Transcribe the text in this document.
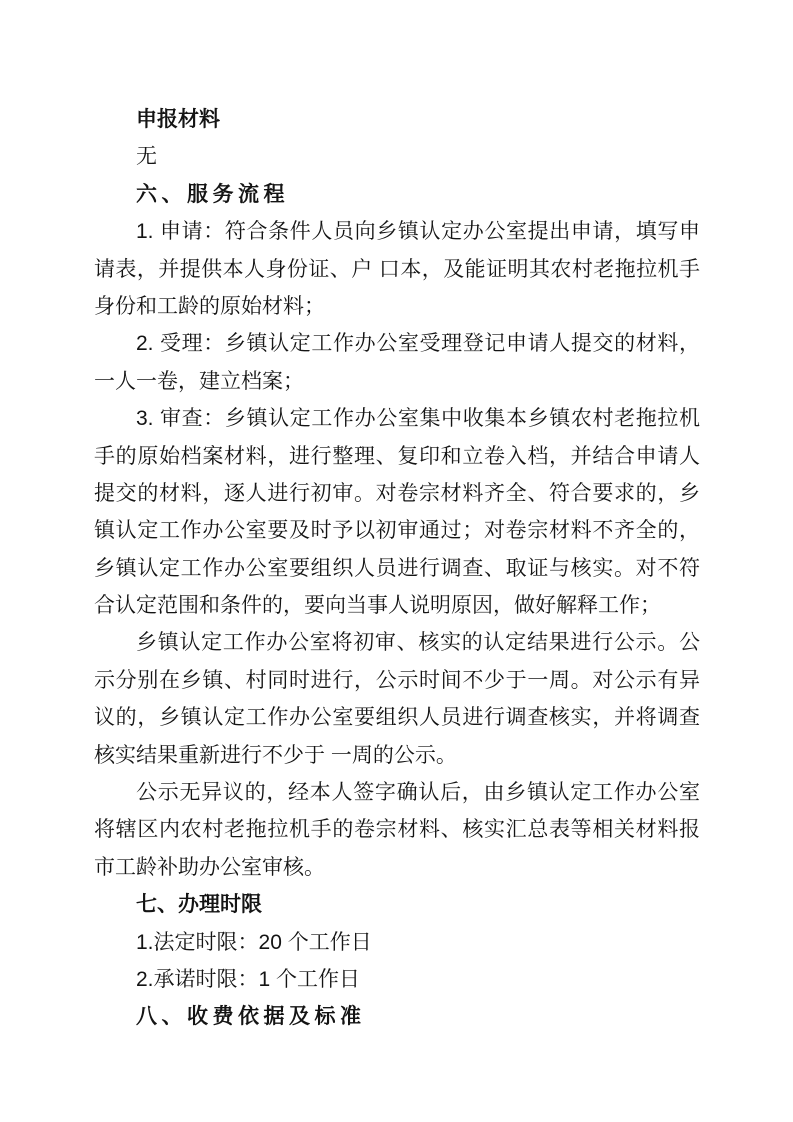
申报材料
无
六、服务流程
1. 申请：符合条件人员向乡镇认定办公室提出申请，填写申
请表，并提供本人身份证、户 口本，及能证明其农村老拖拉机手
身份和工龄的原始材料；
2. 受理：乡镇认定工作办公室受理登记申请人提交的材料，
一人一卷，建立档案；
3. 审查：乡镇认定工作办公室集中收集本乡镇农村老拖拉机
手的原始档案材料，进行整理、复印和立卷入档，并结合申请人
提交的材料，逐人进行初审。对卷宗材料齐全、符合要求的，乡
镇认定工作办公室要及时予以初审通过；对卷宗材料不齐全的，
乡镇认定工作办公室要组织人员进行调查、取证与核实。对不符
合认定范围和条件的，要向当事人说明原因，做好解释工作；
乡镇认定工作办公室将初审、核实的认定结果进行公示。公
示分别在乡镇、村同时进行，公示时间不少于一周。对公示有异
议的，乡镇认定工作办公室要组织人员进行调查核实，并将调查
核实结果重新进行不少于 一周的公示。
公示无异议的，经本人签字确认后，由乡镇认定工作办公室
将辖区内农村老拖拉机手的卷宗材料、核实汇总表等相关材料报
市工龄补助办公室审核。
七、办理时限
1.法定时限：20 个工作日
2.承诺时限：1 个工作日
八、收费依据及标准
